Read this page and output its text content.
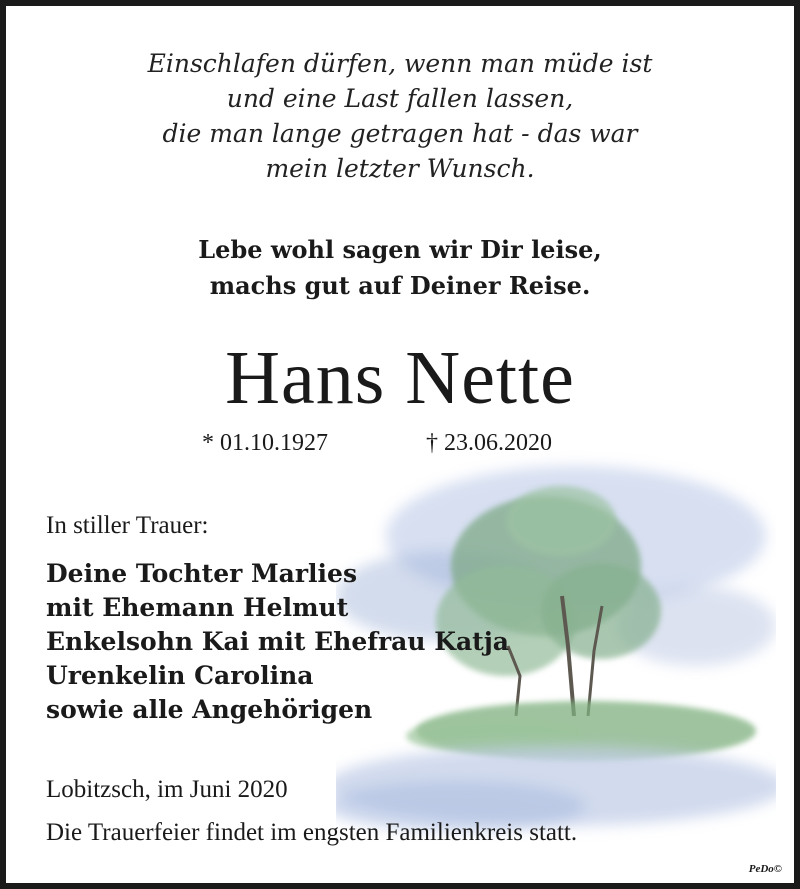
Einschlafen dürfen, wenn man müde ist
und eine Last fallen lassen,
die man lange getragen hat - das war
mein letzter Wunsch.
Lebe wohl sagen wir Dir leise,
machs gut auf Deiner Reise.
Hans Nette
* 01.10.1927	† 23.06.2020
In stiller Trauer:
Deine Tochter Marlies
mit Ehemann Helmut
Enkelsohn Kai mit Ehefrau Katja
Urenkelin Carolina
sowie alle Angehörigen
Lobitzsch, im Juni 2020
Die Trauerfeier findet im engsten Familienkreis statt.
PeDo©
